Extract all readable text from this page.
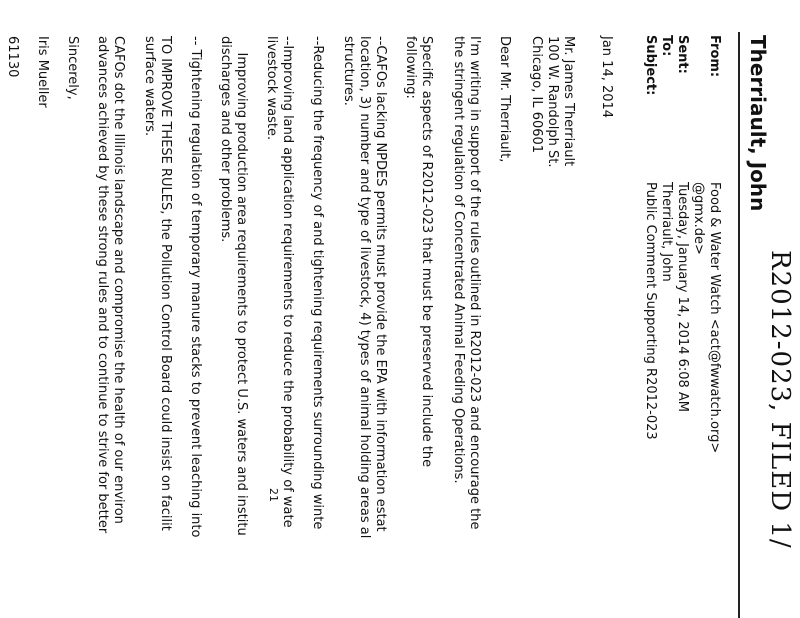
R2012-023, FILED 1/
Therriault, John
From:
Food & Water Watch <act@fwwatch.org>
@gmx.de>
Sent:
Tuesday, January 14, 2014 6:08 AM
To:
Therriault, John
Subject:
Public Comment Supporting R2012-023
Jan 14, 2014
Mr. James Therriault
100 W. Randolph St.
Chicago, IL 60601
Dear Mr. Therriault,
I'm writing in support of the rules outlined in R2012-023 and encourage the
the stringent regulation of Concentrated Animal Feeding Operations.
Specific aspects of R2012-023 that must be preserved include the
following:
--CAFOs lacking NPDES permits must provide the EPA with information estat
location, 3) number and type of livestock, 4) types of animal holding areas al
structures.
--Reducing the frequency of and tightening requirements surrounding winte
--Improving land application requirements to reduce the probability of wate
livestock waste.
Improving production area requirements to protect U.S. waters and institu
discharges and other problems.
-- Tightening regulation of temporary manure stacks to prevent leaching into
TO IMPROVE THESE RULES, the Pollution Control Board could insist on facilit
surface waters.
CAFOs dot the Illinois landscape and compromise the health of our environ
advances achieved by these strong rules and to continue to strive for better
Sincerely,
Iris Mueller
61130
21
